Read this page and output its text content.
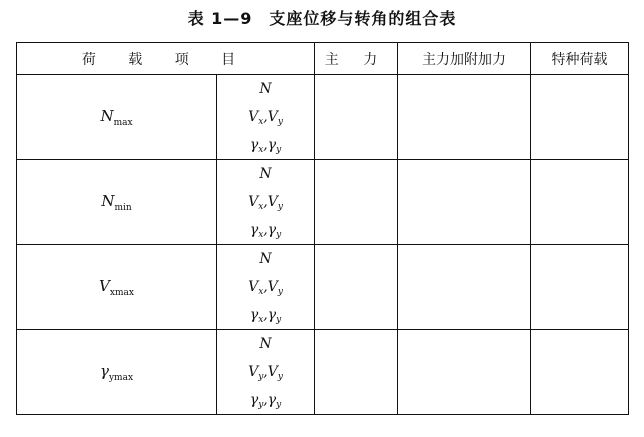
表 1—9　支座位移与转角的组合表
荷 载 项 目		主 力	主力加附加力	特种荷载
$N_{max}$	N
$V_x,V_y$
$\gamma_x,\gamma_y$

$N_{min}$	N
$V_x,V_y$
$\gamma_x,\gamma_y$

$V_{xmax}$	N
$V_x,V_y$
$\gamma_x,\gamma_y$

$\gamma_{ymax}$	N
$V_y,V_y$
$\gamma_y,\gamma_y$
